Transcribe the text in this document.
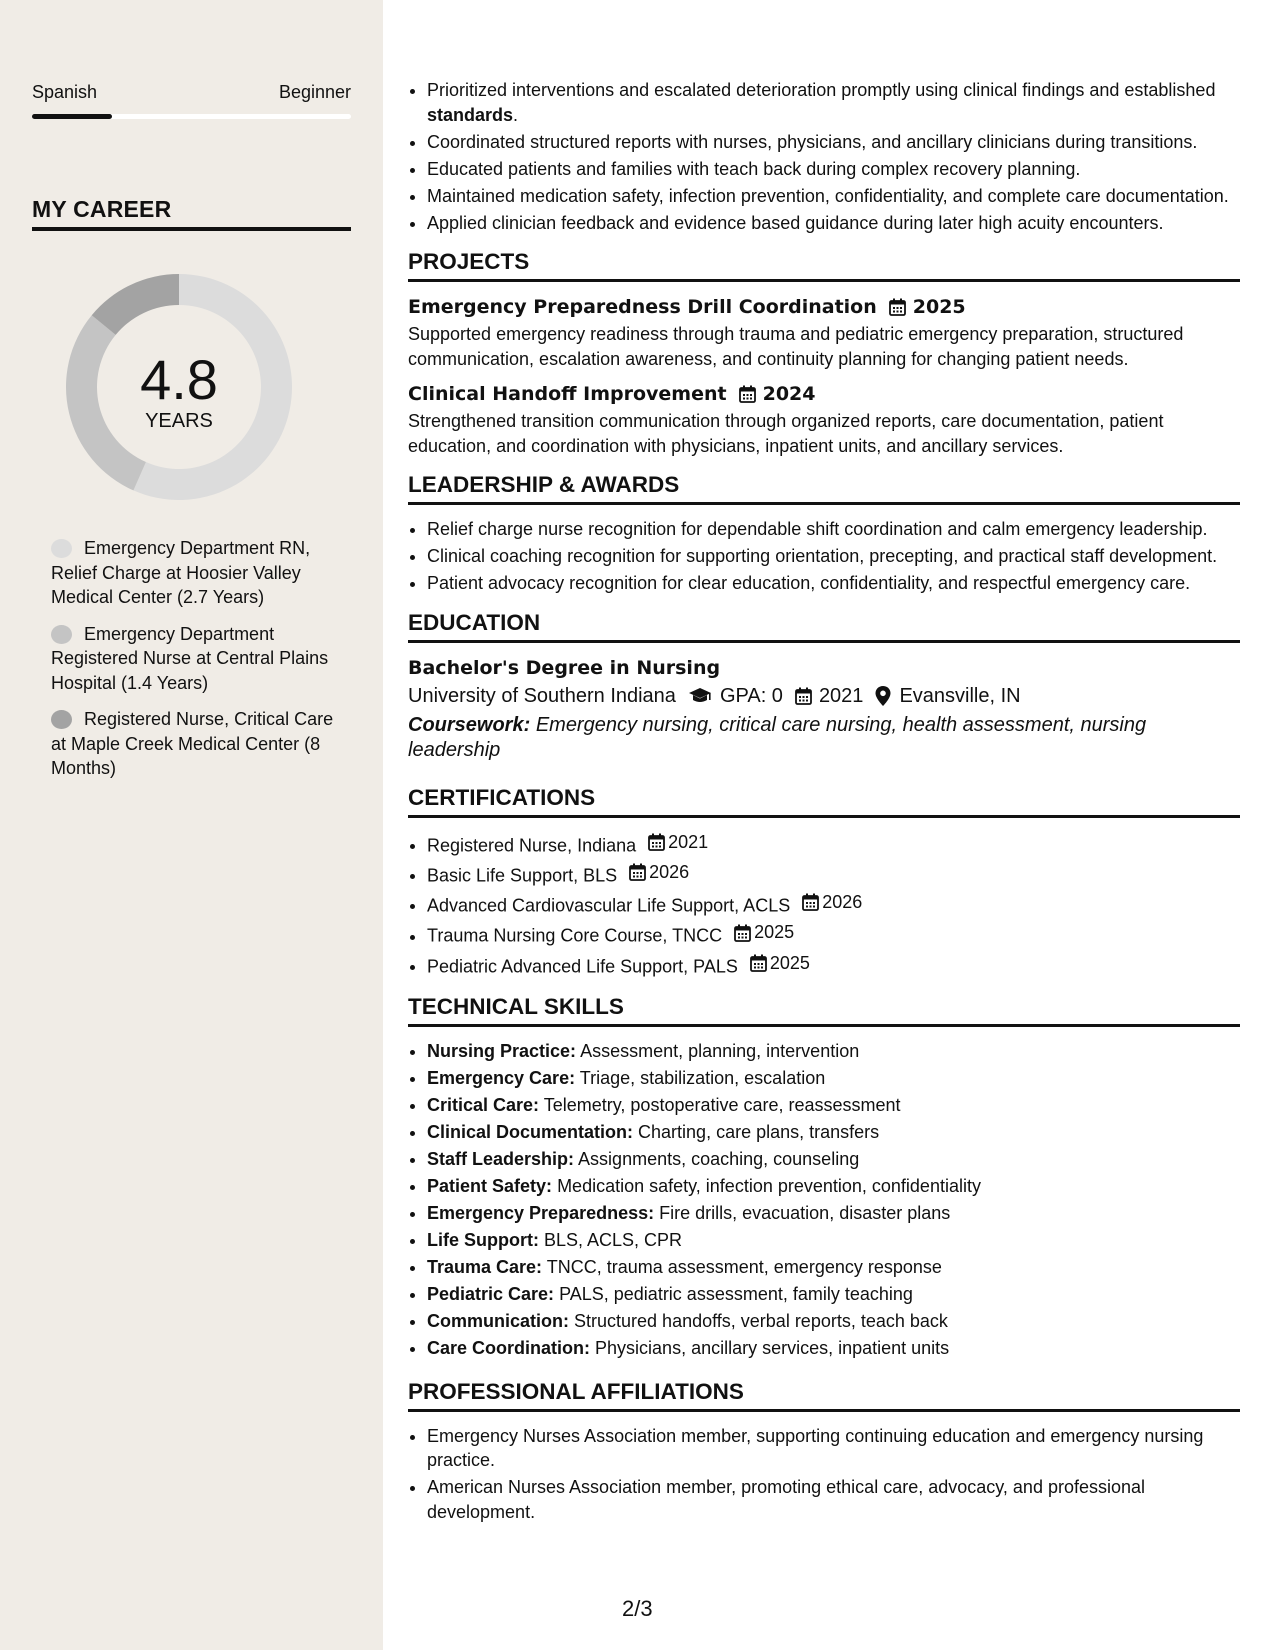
Spanish	Beginner
MY CAREER
4.8
YEARS
Emergency Department RN, Relief Charge at Hoosier Valley Medical Center (2.7 Years)
Emergency Department Registered Nurse at Central Plains Hospital (1.4 Years)
Registered Nurse, Critical Care at Maple Creek Medical Center (8 Months)
• Prioritized interventions and escalated deterioration promptly using clinical findings and established standards.
• Coordinated structured reports with nurses, physicians, and ancillary clinicians during transitions.
• Educated patients and families with teach back during complex recovery planning.
• Maintained medication safety, infection prevention, confidentiality, and complete care documentation.
• Applied clinician feedback and evidence based guidance during later high acuity encounters.
PROJECTS
Emergency Preparedness Drill Coordination 2025
Supported emergency readiness through trauma and pediatric emergency preparation, structured communication, escalation awareness, and continuity planning for changing patient needs.
Clinical Handoff Improvement 2024
Strengthened transition communication through organized reports, care documentation, patient education, and coordination with physicians, inpatient units, and ancillary services.
LEADERSHIP & AWARDS
• Relief charge nurse recognition for dependable shift coordination and calm emergency leadership.
• Clinical coaching recognition for supporting orientation, precepting, and practical staff development.
• Patient advocacy recognition for clear education, confidentiality, and respectful emergency care.
EDUCATION
Bachelor's Degree in Nursing
University of Southern Indiana GPA: 0 2021 Evansville, IN
Coursework: Emergency nursing, critical care nursing, health assessment, nursing leadership
CERTIFICATIONS
• Registered Nurse, Indiana 2021
• Basic Life Support, BLS 2026
• Advanced Cardiovascular Life Support, ACLS 2026
• Trauma Nursing Core Course, TNCC 2025
• Pediatric Advanced Life Support, PALS 2025
TECHNICAL SKILLS
• Nursing Practice: Assessment, planning, intervention
• Emergency Care: Triage, stabilization, escalation
• Critical Care: Telemetry, postoperative care, reassessment
• Clinical Documentation: Charting, care plans, transfers
• Staff Leadership: Assignments, coaching, counseling
• Patient Safety: Medication safety, infection prevention, confidentiality
• Emergency Preparedness: Fire drills, evacuation, disaster plans
• Life Support: BLS, ACLS, CPR
• Trauma Care: TNCC, trauma assessment, emergency response
• Pediatric Care: PALS, pediatric assessment, family teaching
• Communication: Structured handoffs, verbal reports, teach back
• Care Coordination: Physicians, ancillary services, inpatient units
PROFESSIONAL AFFILIATIONS
• Emergency Nurses Association member, supporting continuing education and emergency nursing practice.
• American Nurses Association member, promoting ethical care, advocacy, and professional development.
2/3
